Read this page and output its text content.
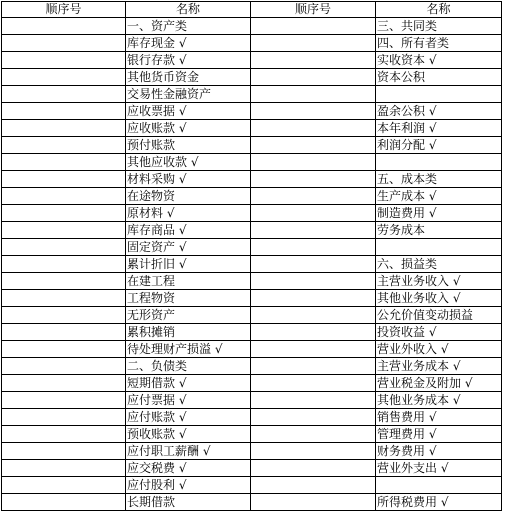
顺序号	名称	顺序号	名称
	一、资产类		三、共同类
	库存现金 √		四、所有者类
	银行存款 √		实收资本 √
	其他货币资金		资本公积
	交易性金融资产		
	应收票据 √		盈余公积 √
	应收账款 √		本年利润 √
	预付账款		利润分配 √
	其他应收款 √		
	材料采购 √		五、成本类
	在途物资		生产成本 √
	原材料 √		制造费用 √
	库存商品 √		劳务成本
	固定资产 √		
	累计折旧 √		六、损益类
	在建工程		主营业务收入 √
	工程物资		其他业务收入 √
	无形资产		公允价值变动损益
	累积摊销		投资收益 √
	待处理财产损溢 √		营业外收入 √
	二、负债类		主营业务成本 √
	短期借款 √		营业税金及附加 √
	应付票据 √		其他业务成本 √
	应付账款 √		销售费用 √
	预收账款 √		管理费用 √
	应付职工薪酬 √		财务费用 √
	应交税费 √		营业外支出 √
	应付股利 √		
	长期借款		所得税费用 √
